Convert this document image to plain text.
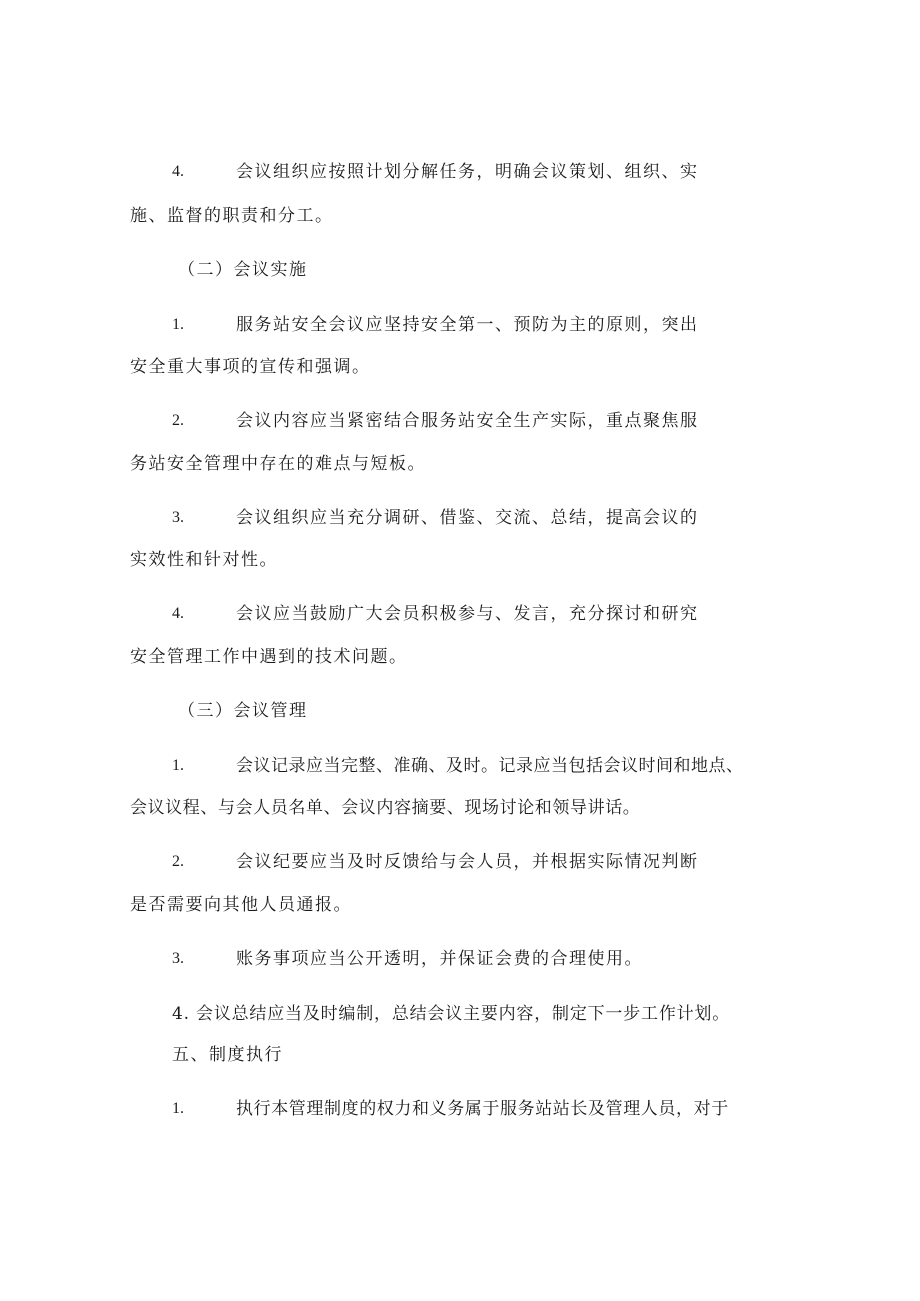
4.	会议组织应按照计划分解任务，明确会议策划、组织、实
施、监督的职责和分工。
（二）会议实施
1.	服务站安全会议应坚持安全第一、预防为主的原则，突出
安全重大事项的宣传和强调。
2.	会议内容应当紧密结合服务站安全生产实际，重点聚焦服
务站安全管理中存在的难点与短板。
3.	会议组织应当充分调研、借鉴、交流、总结，提高会议的
实效性和针对性。
4.	会议应当鼓励广大会员积极参与、发言，充分探讨和研究
安全管理工作中遇到的技术问题。
（三）会议管理
1.	会议记录应当完整、准确、及时。记录应当包括会议时间和地点、
会议议程、与会人员名单、会议内容摘要、现场讨论和领导讲话。
2.	会议纪要应当及时反馈给与会人员，并根据实际情况判断
是否需要向其他人员通报。
3.	账务事项应当公开透明，并保证会费的合理使用。
4. 会议总结应当及时编制，总结会议主要内容，制定下一步工作计划。
五、制度执行
1.	执行本管理制度的权力和义务属于服务站站长及管理人员，对于
